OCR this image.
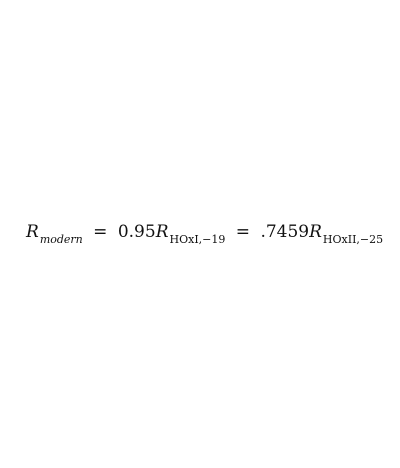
$R_{modern} = 0.95R_{HOxI,-19} = .7459R_{HOxII,-25}$
